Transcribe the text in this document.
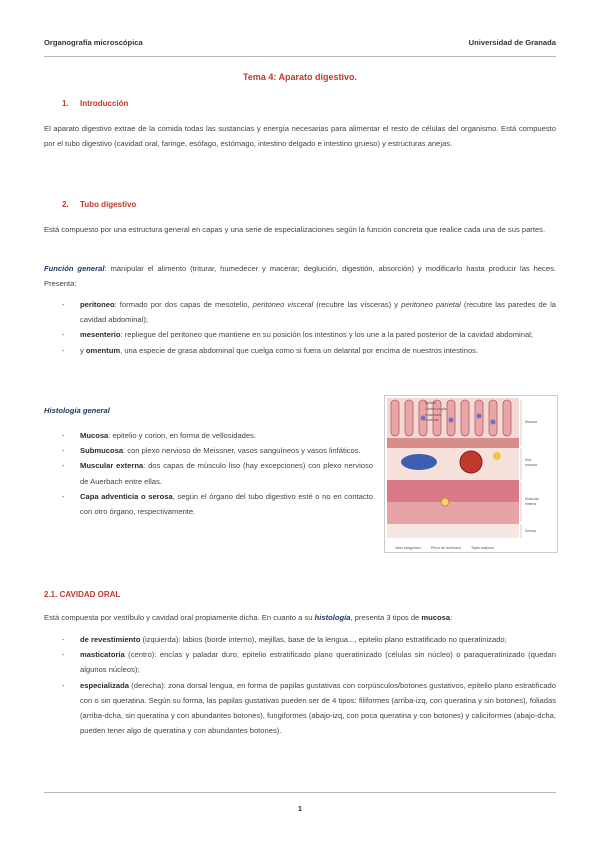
Organografía microscópica	Universidad de Granada
Tema 4: Aparato digestivo.
1. Introducción

El aparato digestivo extrae de la comida todas las sustancias y energía necesarias para alimentar el resto de células del organismo. Está compuesto por el tubo digestivo (cavidad oral, faringe, esófago, estómago, intestino delgado e intestino grueso) y estructuras anejas.

2. Tubo digestivo

Está compuesto por una estructura general en capas y una serie de especializaciones según la función concreta que realice cada una de sus partes.

Función general: manipular el alimento (triturar, humedecer y macerar; deglución, digestión, absorción) y modificarlo hasta producir las heces. Presenta:

- peritoneo: formado por dos capas de mesotelio, peritoneo visceral (recubre las vísceras) y peritoneo parietal (recubre las paredes de la cavidad abdominal);
- mesenterio: repliegue del peritoneo que mantiene en su posición los intestinos y los une a la pared posterior de la cavidad abdominal;
- y omentum, una especie de grasa abdominal que cuelga como si fuera un delantal por encima de nuestros intestinos.
Histología general
- Mucosa: epitelio y corion, en forma de vellosidades.
- Submucosa: con plexo nervioso de Meissner, vasos sanguíneos y vasos linfáticos.
- Muscular externa: dos capas de músculo liso (hay excepciones) con plexo nervioso de Auerbach entre ellas.
- Capa adventicia o serosa, según el órgano del tubo digestivo esté o no en contacto con otro órgano, respectivamente.
Epitelio
Lámina propia
Muscularis
mucosae	Mucosa
Sub-
mucosa
Muscular
externa
Serosa
Vaso sanguíneo	Plexo de Auerbach	Tejido adiposo
2.1. CAVIDAD ORAL

Está compuesta por vestíbulo y cavidad oral propiamente dicha. En cuanto a su histología, presenta 3 tipos de mucosa:

- de revestimiento (izquierda): labios (borde interno), mejillas, base de la lengua..., epitelio plano estratificado no queratinizado;
- masticatoria (centro): encías y paladar duro, epitelio estratificado plano queratinizado (células sin núcleo) o paraqueratinizado (quedan algunos núcleos);
- especializada (derecha): zona dorsal lengua, en forma de papilas gustativas con corpúsculos/botones gustativos, epitelio plano estratificado con o sin queratina. Según su forma, las papilas gustativas pueden ser de 4 tipos: filiformes (arriba-izq, con queratina y sin botones), foliadas (arriba-dcha, sin queratina y con abundantes botones), fungiformes (abajo-izq, con poca queratina y con botones) y caliciformes (abajo-dcha, pueden tener algo de queratina y con abundantes botones).
1
